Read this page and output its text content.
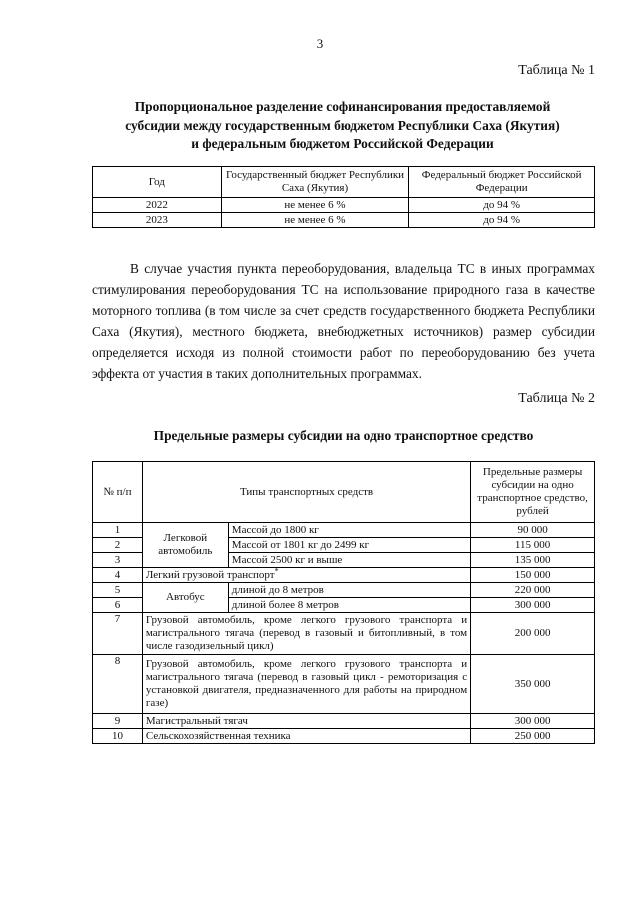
3
Таблица № 1
Пропорциональное разделение софинансирования предоставляемой
субсидии между государственным бюджетом Республики Саха (Якутия)
и федеральным бюджетом Российской Федерации
Год	Государственный бюджет Республики Саха (Якутия)	Федеральный бюджет Российской Федерации
2022	не менее 6 %	до 94 %
2023	не менее 6 %	до 94 %

В случае участия пункта переоборудования, владельца ТС в иных программах стимулирования переоборудования ТС на использование природного газа в качестве моторного топлива (в том числе за счет средств государственного бюджета Республики Саха (Якутия), местного бюджета, внебюджетных источников) размер субсидии определяется исходя из полной стоимости работ по переоборудованию без учета эффекта от участия в таких дополнительных программах.

Таблица № 2
Предельные размеры субсидии на одно транспортное средство
№ п/п	Типы транспортных средств		Предельные размеры субсидии на одно транспортное средство, рублей
1	Легковой автомобиль	Массой до 1800 кг	90 000
2		Массой от 1801 кг до 2499 кг	115 000
3		Массой 2500 кг и выше	135 000
4	Легкий грузовой транспорт*		150 000
5	Автобус	длиной до 8 метров	220 000
6		длиной более 8 метров	300 000
7	Грузовой автомобиль, кроме легкого грузового транспорта и магистрального тягача (перевод в газовый и битопливный, в том числе газодизельный цикл)		200 000
8	Грузовой автомобиль, кроме легкого грузового транспорта и магистрального тягача (перевод в газовый цикл - ремоторизация с установкой двигателя, предназначенного для работы на природном газе)		350 000
9	Магистральный тягач		300 000
10	Сельскохозяйственная техника		250 000
